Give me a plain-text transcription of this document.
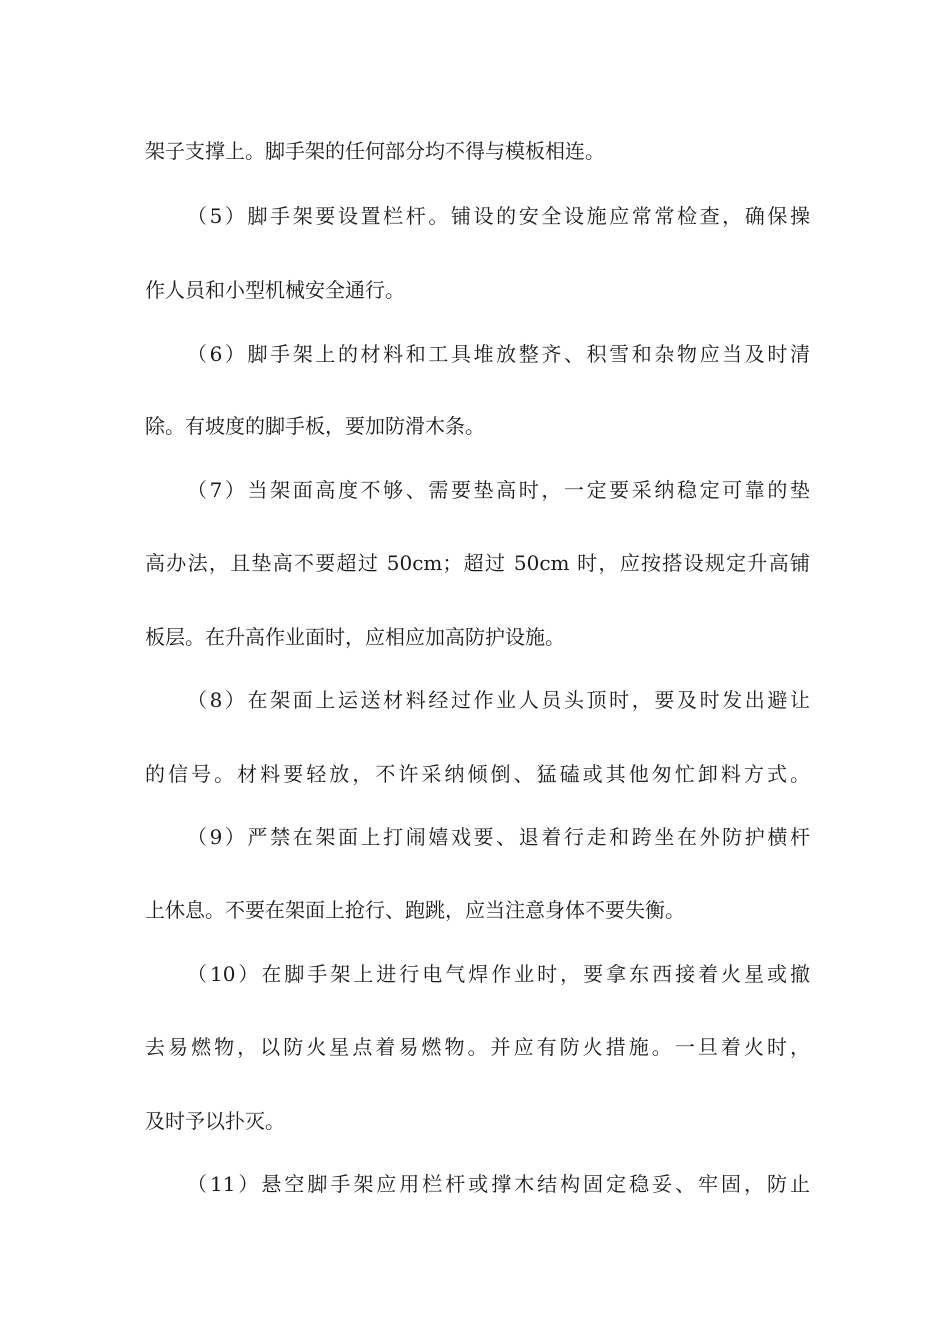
架子支撑上。脚手架的任何部分均不得与模板相连。

（5）脚手架要设置栏杆。铺设的安全设施应常常检查，确保操

作人员和小型机械安全通行。

（6）脚手架上的材料和工具堆放整齐、积雪和杂物应当及时清

除。有坡度的脚手板，要加防滑木条。

（7）当架面高度不够、需要垫高时，一定要采纳稳定可靠的垫

高办法，且垫高不要超过 50cm；超过 50cm 时，应按搭设规定升高铺

板层。在升高作业面时，应相应加高防护设施。

（8）在架面上运送材料经过作业人员头顶时，要及时发出避让

的信号。材料要轻放，不许采纳倾倒、猛磕或其他匆忙卸料方式。

（9）严禁在架面上打闹嬉戏要、退着行走和跨坐在外防护横杆

上休息。不要在架面上抢行、跑跳，应当注意身体不要失衡。

（10）在脚手架上进行电气焊作业时，要拿东西接着火星或撤

去易燃物，以防火星点着易燃物。并应有防火措施。一旦着火时，

及时予以扑灭。

（11）悬空脚手架应用栏杆或撑木结构固定稳妥、牢固，防止
